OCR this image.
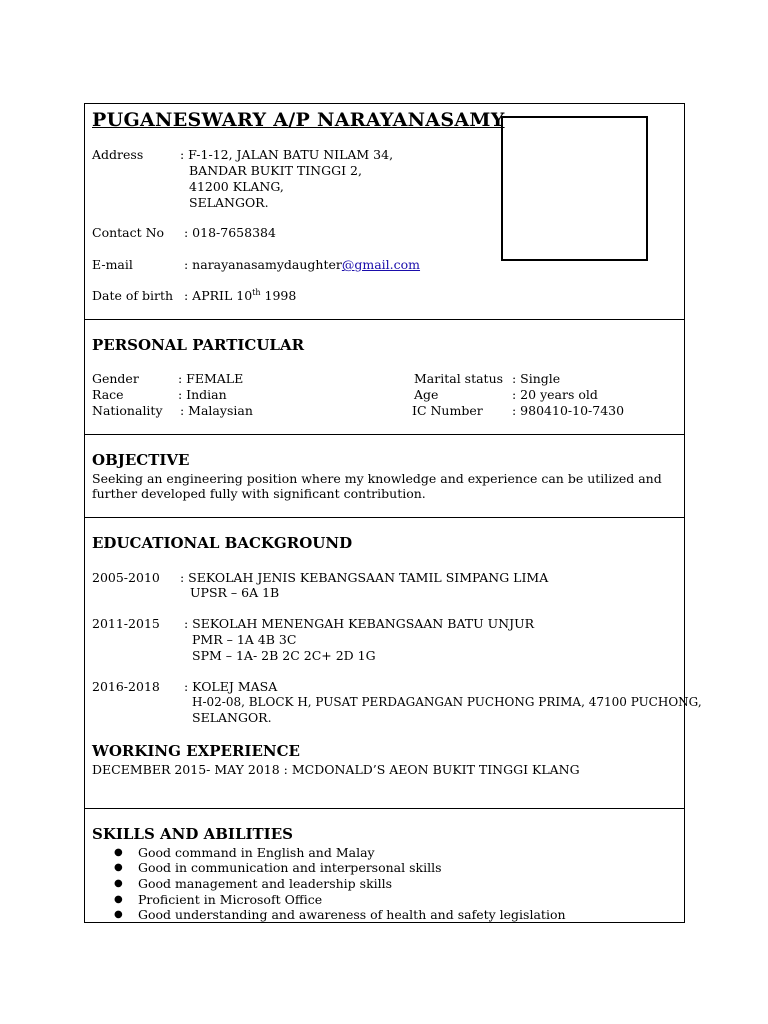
PUGANESWARY A/P NARAYANASAMY
Address	: F-1-12, JALAN BATU NILAM 34,
BANDAR BUKIT TINGGI 2,
41200 KLANG,
SELANGOR.
Contact No : 018-7658384
E-mail	: narayanasamydaughter@gmail.com
Date of birth : APRIL 10th 1998
PERSONAL PARTICULAR
Gender	: FEMALE
Race	: Indian
Nationality : Malaysian
Marital status : Single
Age	: 20 years old
IC Number : 980410-10-7430
OBJECTIVE
Seeking an engineering position where my knowledge and experience can be utilized and
further developed fully with significant contribution.
EDUCATIONAL BACKGROUND
2005-2010 : SEKOLAH JENIS KEBANGSAAN TAMIL SIMPANG LIMA
UPSR – 6A 1B
2011-2015 : SEKOLAH MENENGAH KEBANGSAAN BATU UNJUR
PMR – 1A 4B 3C
SPM – 1A- 2B 2C 2C+ 2D 1G
2016-2018 : KOLEJ MASA
H-02-08, BLOCK H, PUSAT PERDAGANGAN PUCHONG PRIMA, 47100 PUCHONG,
SELANGOR.
WORKING EXPERIENCE
DECEMBER 2015- MAY 2018 : MCDONALD’S AEON BUKIT TINGGI KLANG
SKILLS AND ABILITIES
● Good command in English and Malay
● Good in communication and interpersonal skills
● Good management and leadership skills
● Proficient in Microsoft Office
● Good understanding and awareness of health and safety legislation
